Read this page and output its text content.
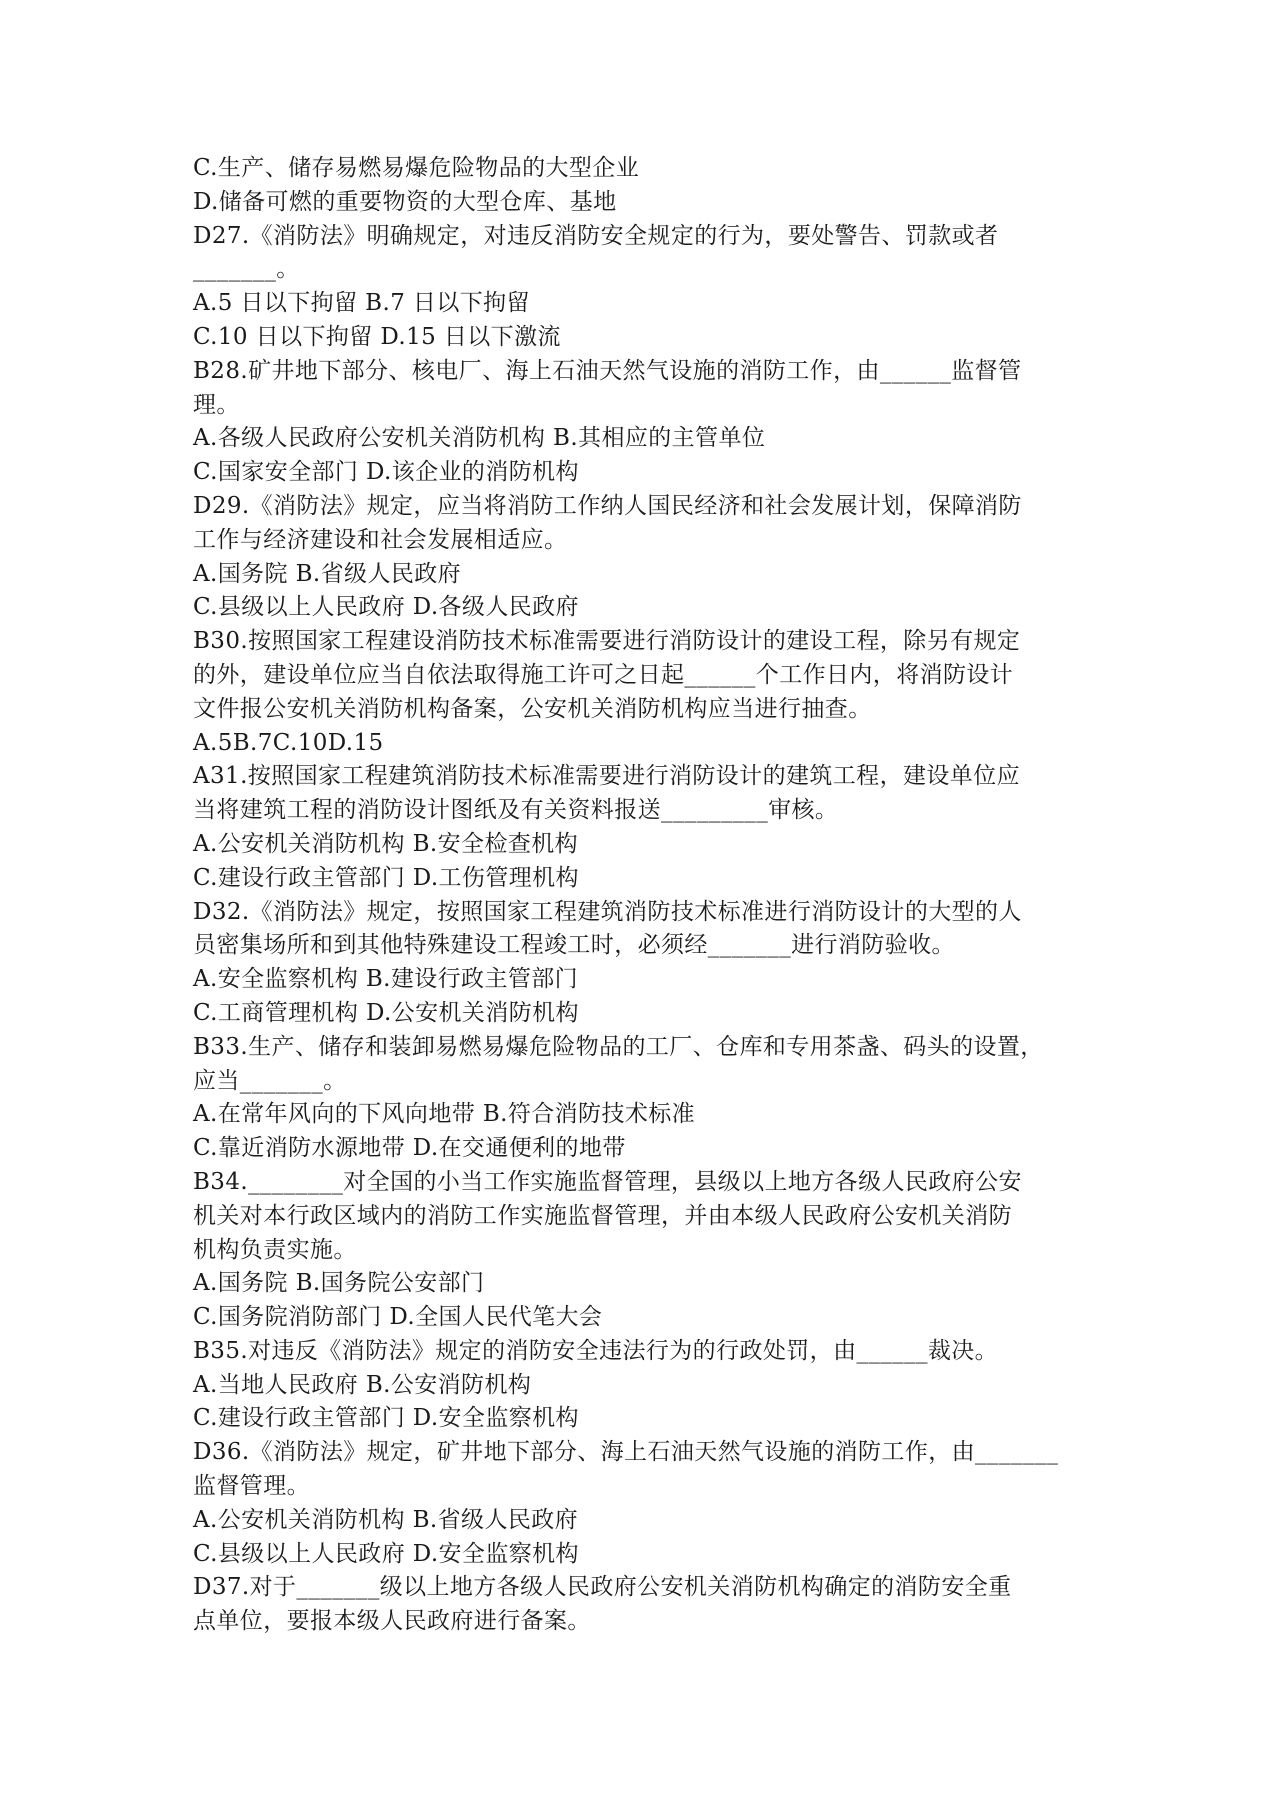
C.生产、储存易燃易爆危险物品的大型企业
D.储备可燃的重要物资的大型仓库、基地
D27.《消防法》明确规定，对违反消防安全规定的行为，要处警告、罚款或者
_______。
A.5 日以下拘留 B.7 日以下拘留
C.10 日以下拘留 D.15 日以下激流
B28.矿井地下部分、核电厂、海上石油天然气设施的消防工作，由______监督管
理。
A.各级人民政府公安机关消防机构 B.其相应的主管单位
C.国家安全部门 D.该企业的消防机构
D29.《消防法》规定，应当将消防工作纳人国民经济和社会发展计划，保障消防
工作与经济建设和社会发展相适应。
A.国务院 B.省级人民政府
C.县级以上人民政府 D.各级人民政府
B30.按照国家工程建设消防技术标准需要进行消防设计的建设工程，除另有规定
的外，建设单位应当自依法取得施工许可之日起______个工作日内，将消防设计
文件报公安机关消防机构备案，公安机关消防机构应当进行抽查。
A.5B.7C.10D.15
A31.按照国家工程建筑消防技术标准需要进行消防设计的建筑工程，建设单位应
当将建筑工程的消防设计图纸及有关资料报送_________审核。
A.公安机关消防机构 B.安全检查机构
C.建设行政主管部门 D.工伤管理机构
D32.《消防法》规定，按照国家工程建筑消防技术标准进行消防设计的大型的人
员密集场所和到其他特殊建设工程竣工时，必须经_______进行消防验收。
A.安全监察机构 B.建设行政主管部门
C.工商管理机构 D.公安机关消防机构
B33.生产、储存和装卸易燃易爆危险物品的工厂、仓库和专用茶盏、码头的设置，
应当_______。
A.在常年风向的下风向地带 B.符合消防技术标准
C.靠近消防水源地带 D.在交通便利的地带
B34.________对全国的小当工作实施监督管理，县级以上地方各级人民政府公安
机关对本行政区域内的消防工作实施监督管理，并由本级人民政府公安机关消防
机构负责实施。
A.国务院 B.国务院公安部门
C.国务院消防部门 D.全国人民代笔大会
B35.对违反《消防法》规定的消防安全违法行为的行政处罚，由______裁决。
A.当地人民政府 B.公安消防机构
C.建设行政主管部门 D.安全监察机构
D36.《消防法》规定，矿井地下部分、海上石油天然气设施的消防工作，由_______
监督管理。
A.公安机关消防机构 B.省级人民政府
C.县级以上人民政府 D.安全监察机构
D37.对于_______级以上地方各级人民政府公安机关消防机构确定的消防安全重
点单位，要报本级人民政府进行备案。
